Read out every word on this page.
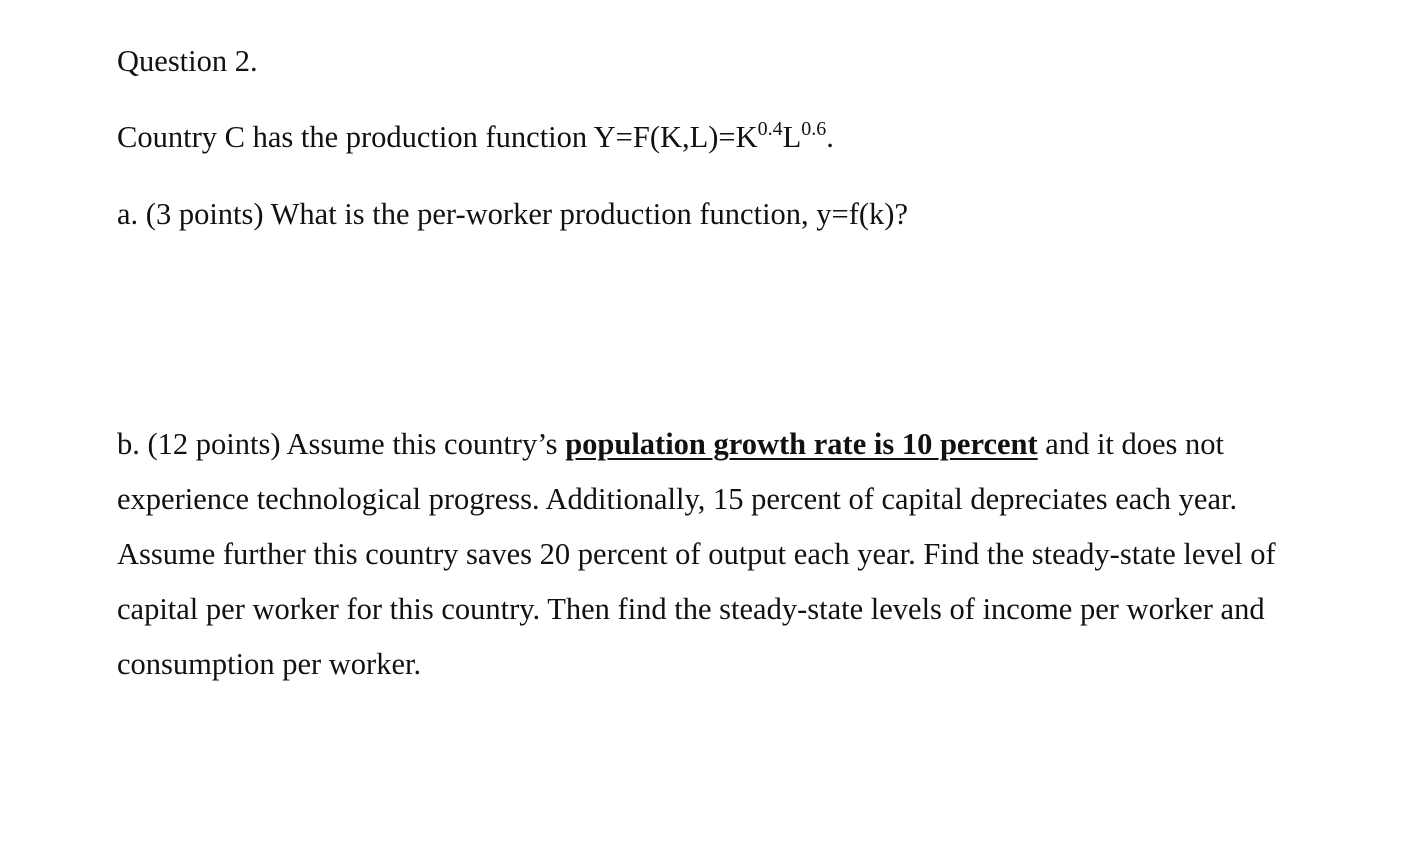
Question 2.
Country C has the production function $Y=F(K,L)=K^{0.4}L^{0.6}$.
a. (3 points) What is the per-worker production function, y=f(k)?
b. (12 points) Assume this country’s population growth rate is 10 percent and it does not
experience technological progress. Additionally, 15 percent of capital depreciates each year.
Assume further this country saves 20 percent of output each year. Find the steady-state level of
capital per worker for this country. Then find the steady-state levels of income per worker and
consumption per worker.
